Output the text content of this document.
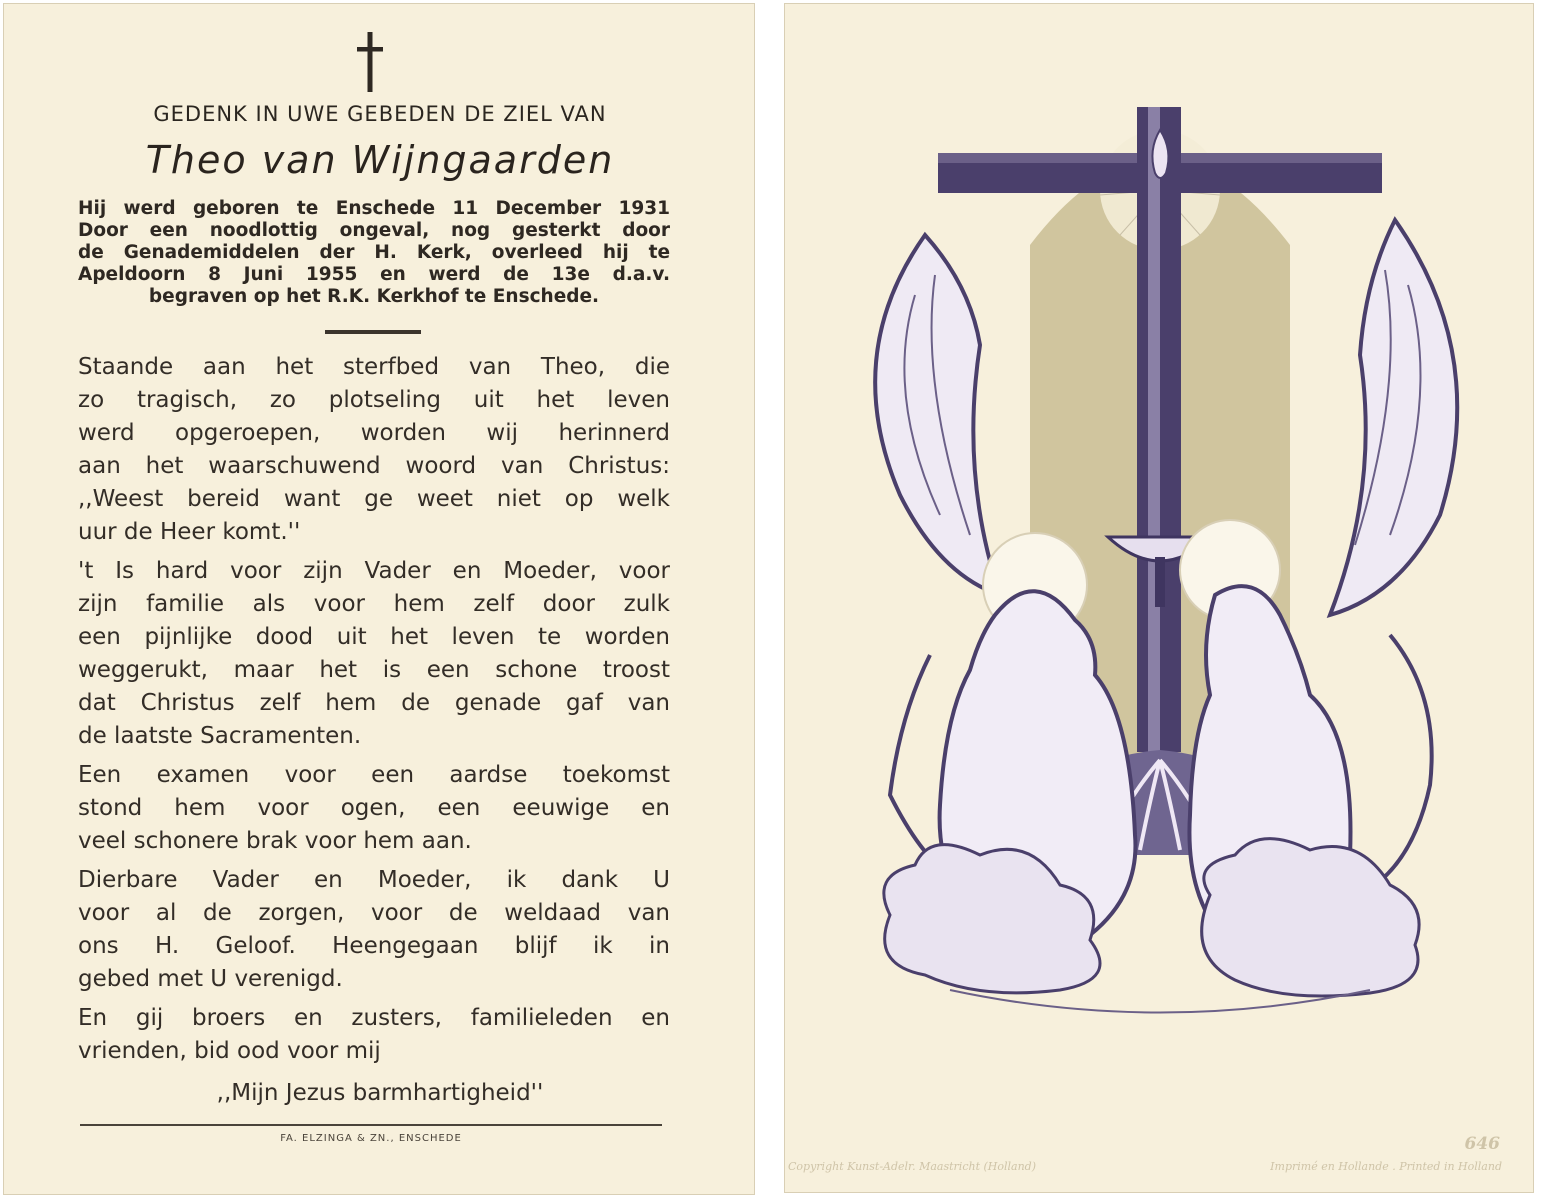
GEDENK IN UWE GEBEDEN DE ZIEL VAN
Theo van Wijngaarden
Hij werd geboren te Enschede 11 December 1931
Door een noodlottig ongeval, nog gesterkt door
de Genademiddelen der H. Kerk, overleed hij te
Apeldoorn 8 Juni 1955 en werd de 13e d.a.v.
begraven op het R.K. Kerkhof te Enschede.
Staande aan het sterfbed van Theo, die
zo tragisch, zo plotseling uit het leven
werd opgeroepen, worden wij herinnerd
aan het waarschuwend woord van Christus:
,,Weest bereid want ge weet niet op welk
uur de Heer komt.''
't Is hard voor zijn Vader en Moeder, voor
zijn familie als voor hem zelf door zulk
een pijnlijke dood uit het leven te worden
weggerukt, maar het is een schone troost
dat Christus zelf hem de genade gaf van
de laatste Sacramenten.
Een examen voor een aardse toekomst
stond hem voor ogen, een eeuwige en
veel schonere brak voor hem aan.
Dierbare Vader en Moeder, ik dank U
voor al de zorgen, voor de weldaad van
ons H. Geloof. Heengegaan blijf ik in
gebed met U verenigd.
En gij broers en zusters, familieleden en
vrienden, bid ood voor mij
,,Mijn Jezus barmhartigheid''
FA. ELZINGA & ZN., ENSCHEDE	646
Copyright Kunst-Adelr. Maastricht (Holland)	Imprimé en Hollande . Printed in Holland
